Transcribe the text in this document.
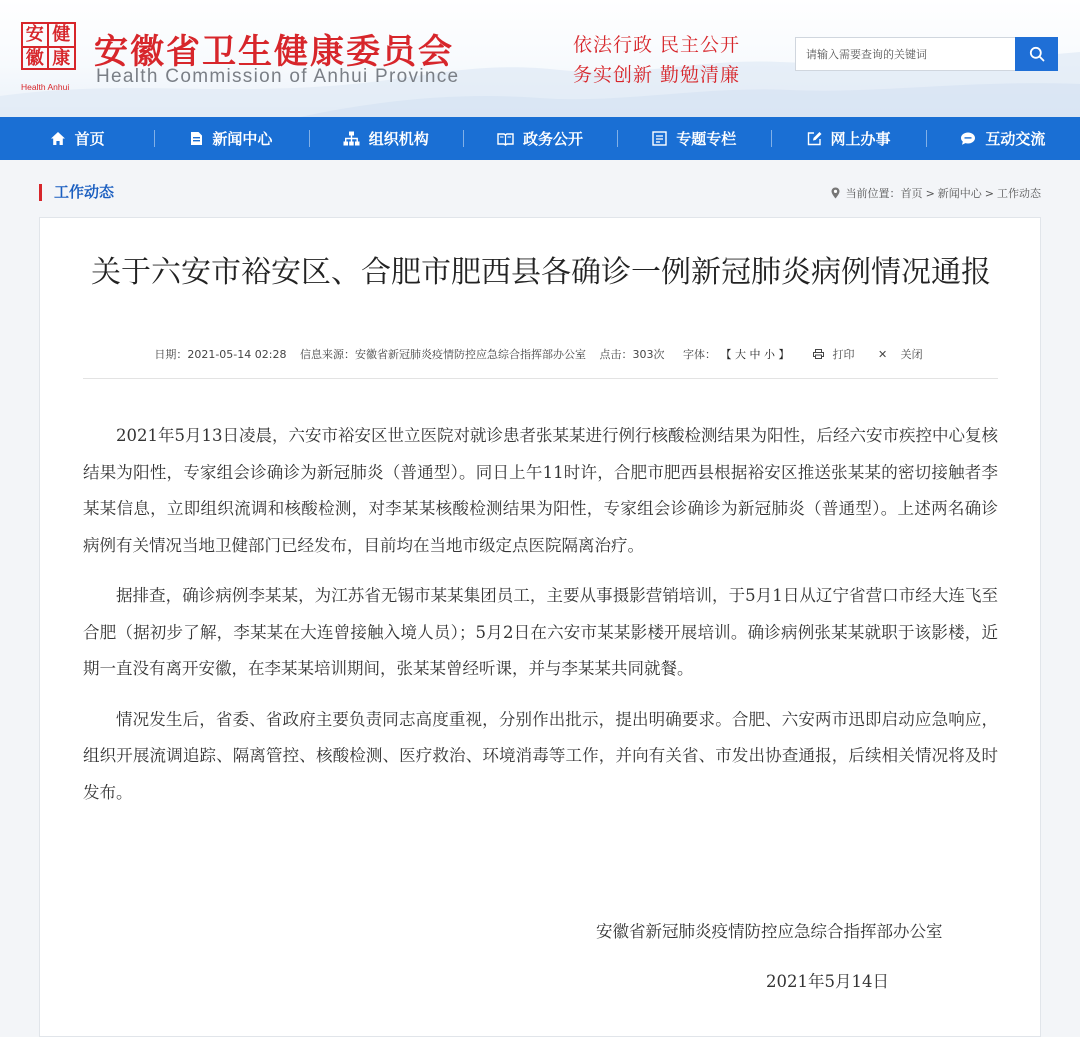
安 健
徽 康
Health Anhui
安徽省卫生健康委员会
Health Commission of Anhui Province
依法行政 民主公开
务实创新 勤勉清廉
请输入需要查询的关键词
首页	新闻中心	组织机构	政务公开	专题专栏	网上办事	互动交流
工作动态	当前位置： 首页 > 新闻中心 > 工作动态
关于六安市裕安区、合肥市肥西县各确诊一例新冠肺炎病例情况通报
日期：2021-05-14 02:28 信息来源：安徽省新冠肺炎疫情防控应急综合指挥部办公室 点击：303次 字体： 【 大 中 小 】	打印 ✕ 关闭

2021年5月13日凌晨，六安市裕安区世立医院对就诊患者张某某进行例行核酸检测结果为阳性，后经六安市疾控中心复核结果为阳性，专家组会诊确诊为新冠肺炎（普通型）。同日上午11时许，合肥市肥西县根据裕安区推送张某某的密切接触者李某某信息，立即组织流调和核酸检测，对李某某核酸检测结果为阳性，专家组会诊确诊为新冠肺炎（普通型）。上述两名确诊病例有关情况当地卫健部门已经发布，目前均在当地市级定点医院隔离治疗。

据排查，确诊病例李某某，为江苏省无锡市某某集团员工，主要从事摄影营销培训，于5月1日从辽宁省营口市经大连飞至合肥（据初步了解，李某某在大连曾接触入境人员）；5月2日在六安市某某影楼开展培训。确诊病例张某某就职于该影楼，近期一直没有离开安徽，在李某某培训期间，张某某曾经听课，并与李某某共同就餐。

情况发生后，省委、省政府主要负责同志高度重视，分别作出批示，提出明确要求。合肥、六安两市迅即启动应急响应，组织开展流调追踪、隔离管控、核酸检测、医疗救治、环境消毒等工作，并向有关省、市发出协查通报，后续相关情况将及时发布。

安徽省新冠肺炎疫情防控应急综合指挥部办公室
2021年5月14日
